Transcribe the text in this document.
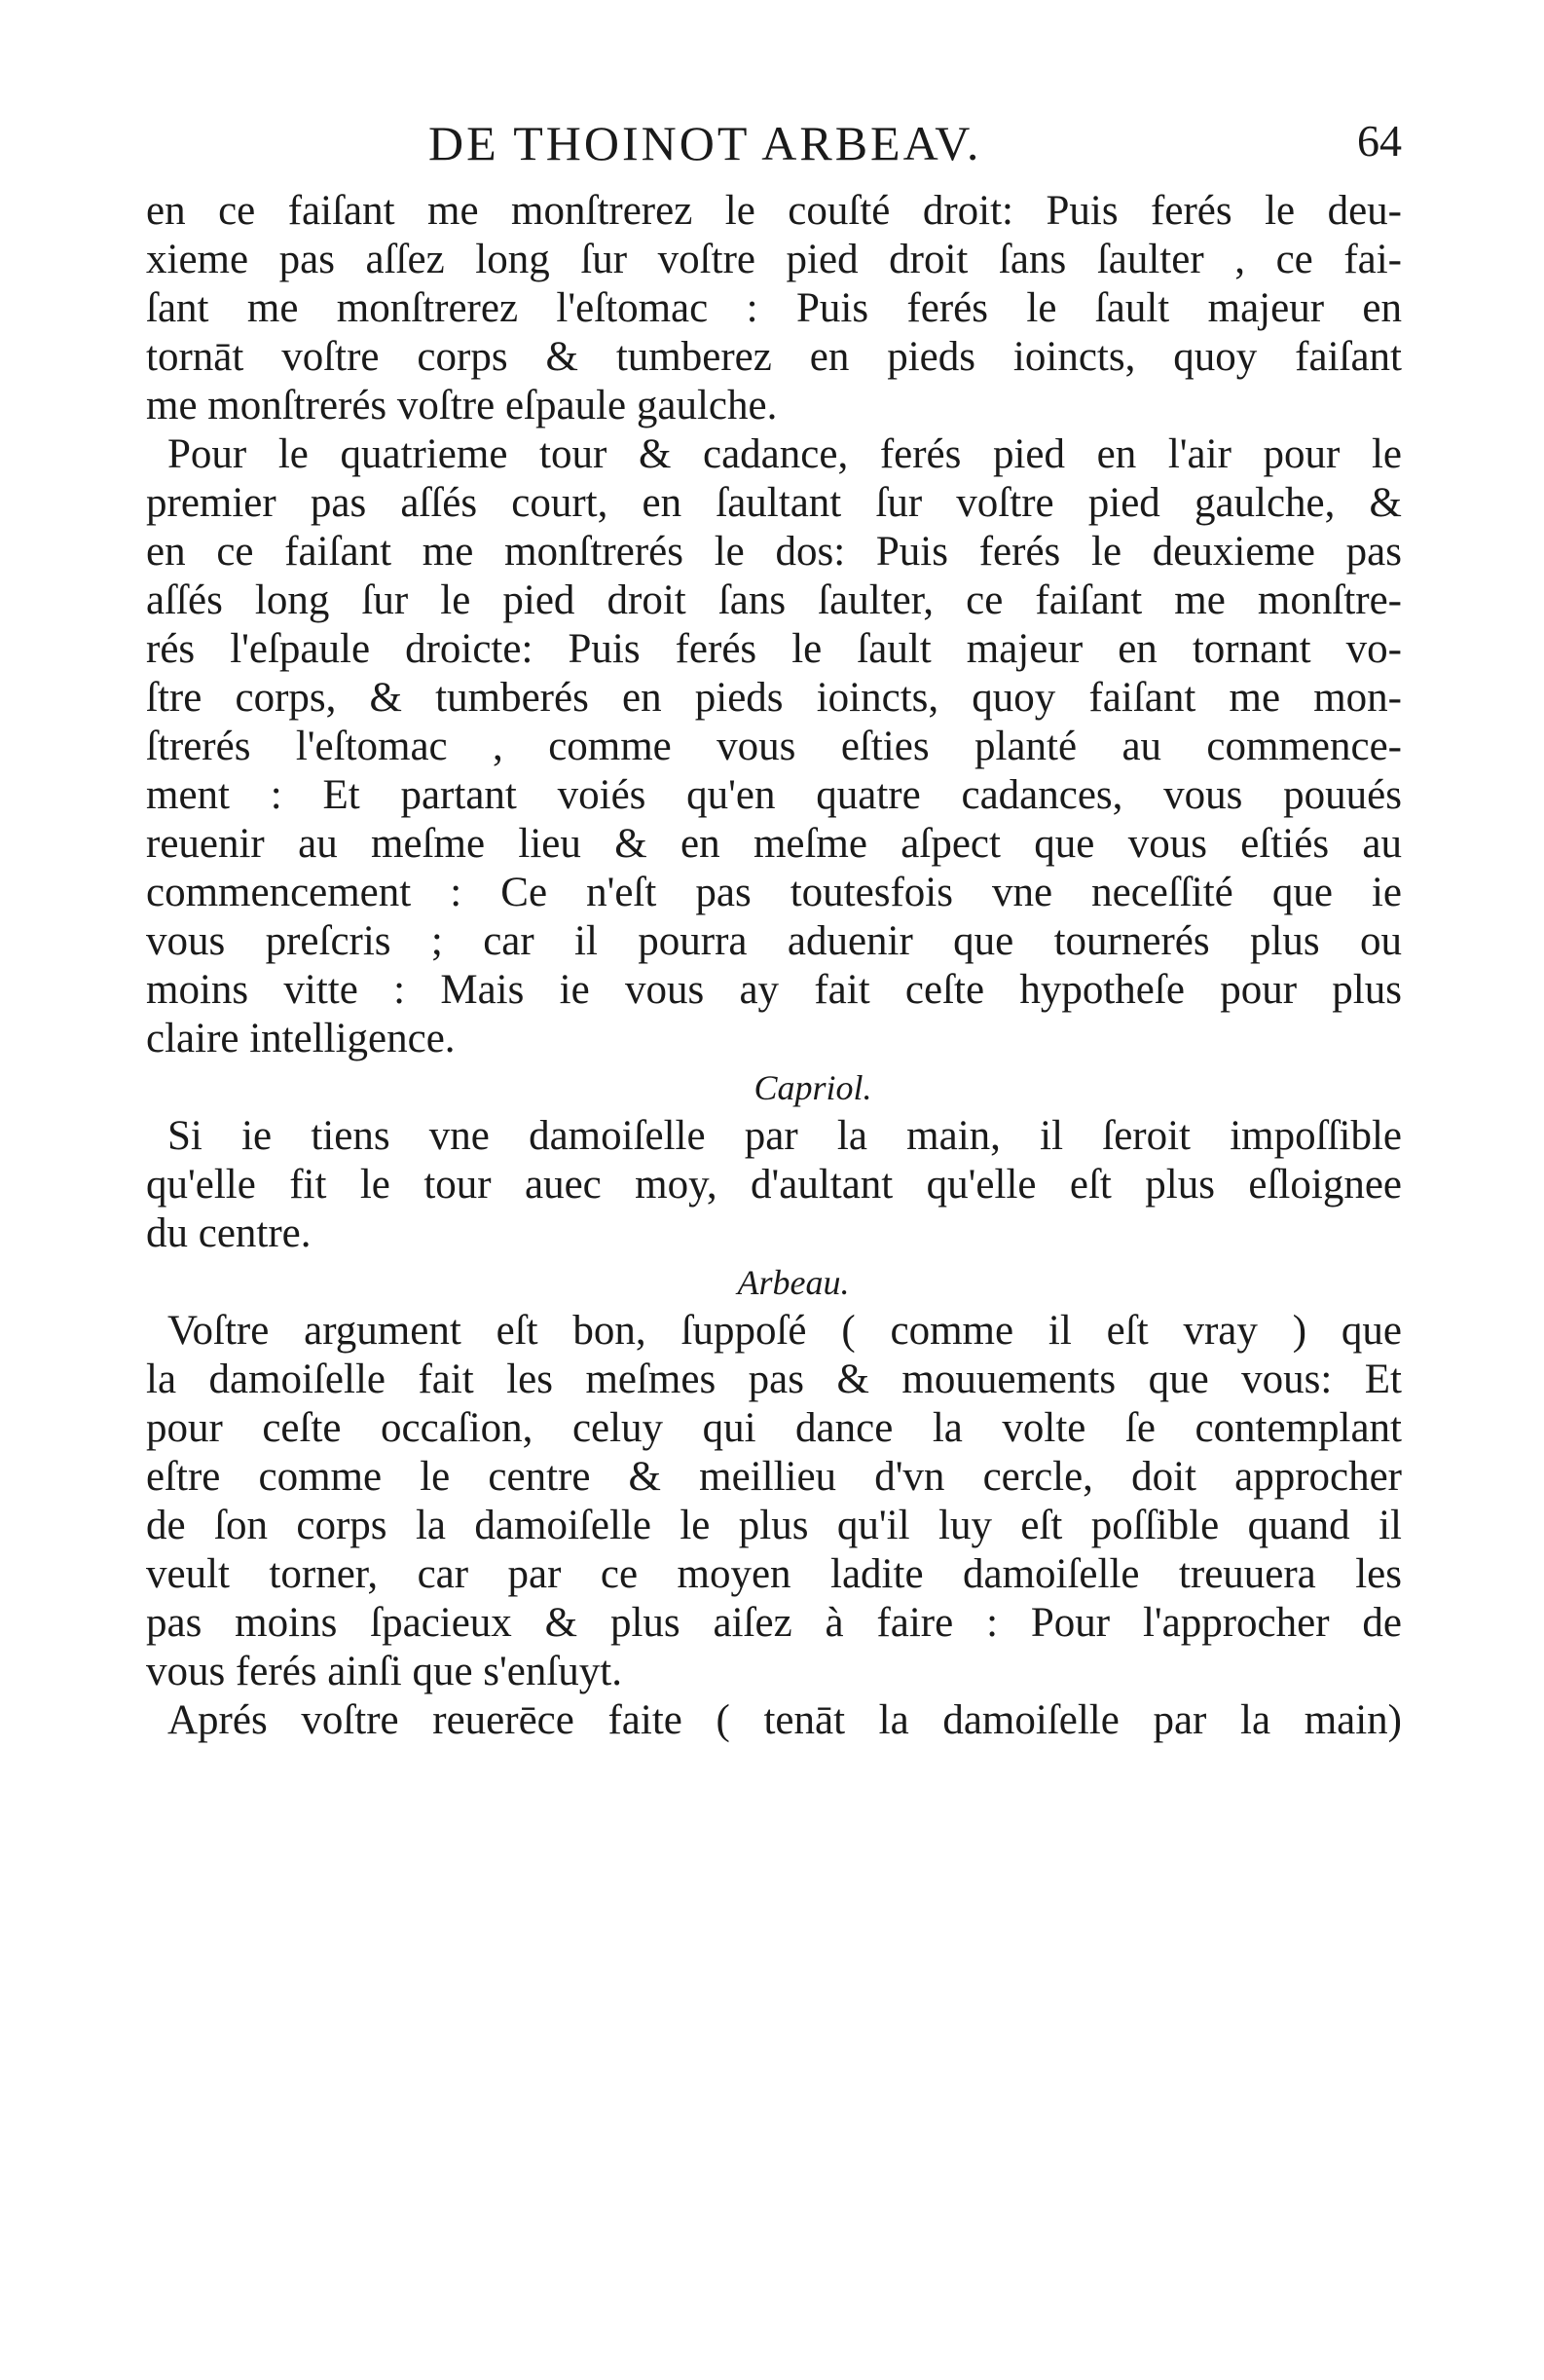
DE THOINOT ARBEAV.	64
en ce faiſant me monſtrerez le couſté droit: Puis ferés le deu-
xieme pas aſſez long ſur voſtre pied droit ſans ſaulter , ce fai-
ſant me monſtrerez l'eſtomac : Puis ferés le ſault majeur en
tornāt voſtre corps & tumberez en pieds ioincts, quoy faiſant
me monſtrerés voſtre eſpaule gaulche.
Pour le quatrieme tour & cadance, ferés pied en l'air pour le
premier pas aſſés court, en ſaultant ſur voſtre pied gaulche, &
en ce faiſant me monſtrerés le dos: Puis ferés le deuxieme pas
aſſés long ſur le pied droit ſans ſaulter, ce faiſant me monſtre-
rés l'eſpaule droicte: Puis ferés le ſault majeur en tornant vo-
ſtre corps, & tumberés en pieds ioincts, quoy faiſant me mon-
ſtrerés l'eſtomac , comme vous eſties planté au commence-
ment : Et partant voiés qu'en quatre cadances, vous pouués
reuenir au meſme lieu & en meſme aſpect que vous eſtiés au
commencement : Ce n'eſt pas toutesfois vne neceſſité que ie
vous preſcris ; car il pourra aduenir que tournerés plus ou
moins vitte : Mais ie vous ay fait ceſte hypotheſe pour plus
claire intelligence.
Capriol.
Si ie tiens vne damoiſelle par la main, il ſeroit impoſſible
qu'elle fit le tour auec moy, d'aultant qu'elle eſt plus eſloignee
du centre.
Arbeau.
Voſtre argument eſt bon, ſuppoſé ( comme il eſt vray ) que
la damoiſelle fait les meſmes pas & mouuements que vous: Et
pour ceſte occaſion, celuy qui dance la volte ſe contemplant
eſtre comme le centre & meillieu d'vn cercle, doit approcher
de ſon corps la damoiſelle le plus qu'il luy eſt poſſible quand il
veult torner, car par ce moyen ladite damoiſelle treuuera les
pas moins ſpacieux & plus aiſez à faire : Pour l'approcher de
vous ferés ainſi que s'enſuyt.
Aprés voſtre reuerēce faite ( tenāt la damoiſelle par la main)
